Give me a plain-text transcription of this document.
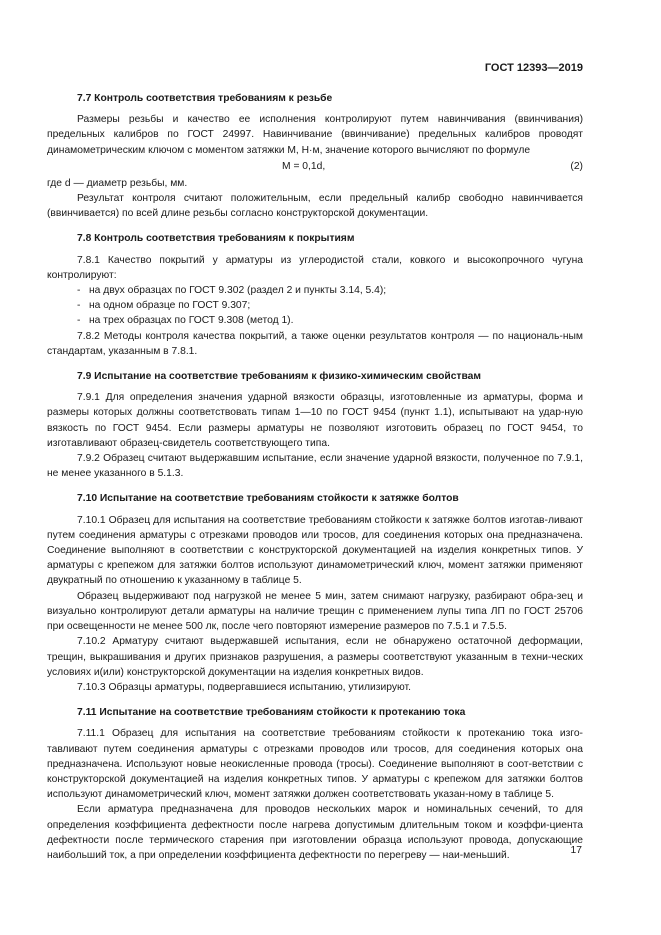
ГОСТ 12393—2019
7.7 Контроль соответствия требованиям к резьбе

Размеры резьбы и качество ее исполнения контролируют путем навинчивания (ввинчивания) предельных калибров по ГОСТ 24997. Навинчивание (ввинчивание) предельных калибров проводят динамометрическим ключом с моментом затяжки М, Н·м, значение которого вычисляют по формуле

M = 0,1d,	(2)

где d — диаметр резьбы, мм.

Результат контроля считают положительным, если предельный калибр свободно навинчивается (ввинчивается) по всей длине резьбы согласно конструкторской документации.

7.8 Контроль соответствия требованиям к покрытиям

7.8.1 Качество покрытий у арматуры из углеродистой стали, ковкого и высокопрочного чугуна контролируют:

- на двух образцах по ГОСТ 9.302 (раздел 2 и пункты 3.14, 5.4);

- на одном образце по ГОСТ 9.307;

- на трех образцах по ГОСТ 9.308 (метод 1).

7.8.2 Методы контроля качества покрытий, а также оценки результатов контроля — по националь-ным стандартам, указанным в 7.8.1.

7.9 Испытание на соответствие требованиям к физико-химическим свойствам

7.9.1 Для определения значения ударной вязкости образцы, изготовленные из арматуры, форма и размеры которых должны соответствовать типам 1—10 по ГОСТ 9454 (пункт 1.1), испытывают на удар-ную вязкость по ГОСТ 9454. Если размеры арматуры не позволяют изготовить образец по ГОСТ 9454, то изготавливают образец-свидетель соответствующего типа.

7.9.2 Образец считают выдержавшим испытание, если значение ударной вязкости, полученное по 7.9.1, не менее указанного в 5.1.3.

7.10 Испытание на соответствие требованиям стойкости к затяжке болтов

7.10.1 Образец для испытания на соответствие требованиям стойкости к затяжке болтов изготав-ливают путем соединения арматуры с отрезками проводов или тросов, для соединения которых она предназначена. Соединение выполняют в соответствии с конструкторской документацией на изделия конкретных типов. У арматуры с крепежом для затяжки болтов используют динамометрический ключ, момент затяжки применяют двукратный по отношению к указанному в таблице 5.

Образец выдерживают под нагрузкой не менее 5 мин, затем снимают нагрузку, разбирают обра-зец и визуально контролируют детали арматуры на наличие трещин с применением лупы типа ЛП по ГОСТ 25706 при освещенности не менее 500 лк, после чего повторяют измерение размеров по 7.5.1 и 7.5.5.

7.10.2 Арматуру считают выдержавшей испытания, если не обнаружено остаточной деформации, трещин, выкрашивания и других признаков разрушения, а размеры соответствуют указанным в техни-ческих условиях и(или) конструкторской документации на изделия конкретных видов.

7.10.3 Образцы арматуры, подвергавшиеся испытанию, утилизируют.

7.11 Испытание на соответствие требованиям стойкости к протеканию тока

7.11.1 Образец для испытания на соответствие требованиям стойкости к протеканию тока изго-тавливают путем соединения арматуры с отрезками проводов или тросов, для соединения которых она предназначена. Используют новые неокисленные провода (тросы). Соединение выполняют в соот-ветствии с конструкторской документацией на изделия конкретных типов. У арматуры с крепежом для затяжки болтов используют динамометрический ключ, момент затяжки должен соответствовать указан-ному в таблице 5.

Если арматура предназначена для проводов нескольких марок и номинальных сечений, то для определения коэффициента дефектности после нагрева допустимым длительным током и коэффи-циента дефектности после термического старения при изготовлении образца используют провода, допускающие наибольший ток, а при определении коэффициента дефектности по перегреву — наи-меньший.	17
